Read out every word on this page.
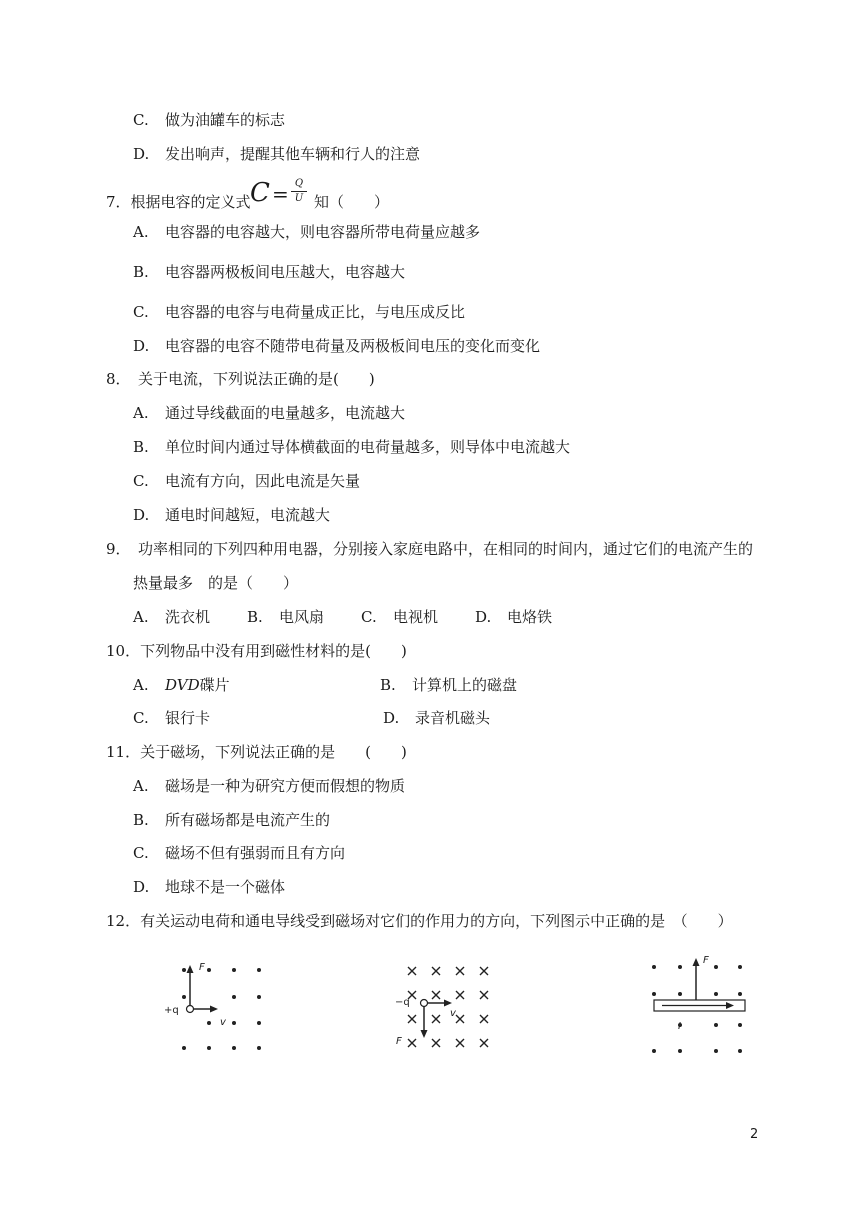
C. 做为油罐车的标志
D. 发出响声，提醒其他车辆和行人的注意
7．根据电容的定义式 C = Q
U 知（　　）
A. 电容器的电容越大，则电容器所带电荷量应越多
B. 电容器两极板间电压越大，电容越大
C. 电容器的电容与电荷量成正比，与电压成反比
D. 电容器的电容不随带电荷量及两极板间电压的变化而变化
8．　关于电流，下列说法正确的是(　　)
A. 通过导线截面的电量越多，电流越大
B. 单位时间内通过导体横截面的电荷量越多，则导体中电流越大
C. 电流有方向，因此电流是矢量
D. 通电时间越短，电流越大
9．　功率相同的下列四种用电器，分别接入家庭电路中，在相同的时间内，通过它们的电流产生的
热量最多　的是（　　）
A. 洗衣机 B. 电风扇 C. 电视机 D. 电烙铁
10．下列物品中没有用到磁性材料的是(　　)
A. DVD碟片	B. 计算机上的磁盘
C. 银行卡	D. 录音机磁头
11．关于磁场，下列说法正确的是　　(　　)
A. 磁场是一种为研究方便而假想的物质
B. 所有磁场都是电流产生的
C. 磁场不但有强弱而且有方向
D. 地球不是一个磁体
12．有关运动电荷和通电导线受到磁场对它们的作用力的方向，下列图示中正确的是　（　　）
F
+q
v
−q
v
F
F
I
2
